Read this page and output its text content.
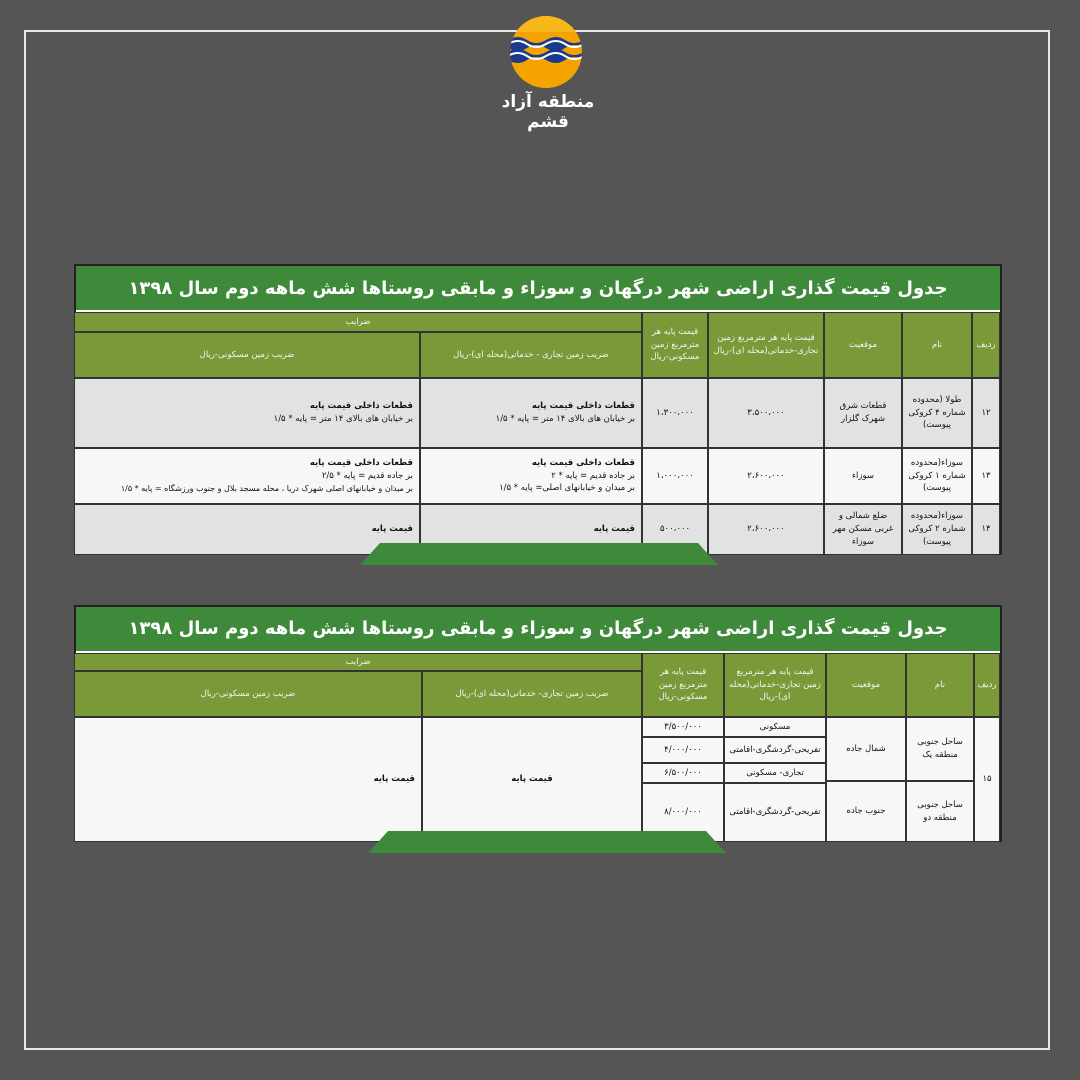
منطقه آزاد قشم
جدول قیمت گذاری اراضی شهر درگهان و سوزاء و مابقی روستاها شش ماهه دوم سال ۱۳۹۸
ردیف
نام
موقعیت
قیمت پایه هر مترمربع زمین تجاری-خدماتی(محله ای)-ریال
قیمت پایه هر مترمربع زمین مسکونی-ریال
ضرایب
ضریب زمین تجاری - خدماتی(محله ای)-ریال
ضریب زمین مسکونی-ریال
۱۲
طولا (محدوده شماره ۴ کروکی پیوست)
قطعات شرق شهرک گلزار
۳،۵۰۰،۰۰۰
۱،۳۰۰،۰۰۰
قطعات داخلی قیمت پایه
بر خیابان های بالای ۱۴ متر = پایه * ۱/۵
قطعات داخلی قیمت پایه
بر خیابان های بالای ۱۴ متر = پایه * ۱/۵
۱۳
سوزاء(محدوده شماره ۱ کروکی پیوست)
سوزاء
۲،۶۰۰،۰۰۰
۱،۰۰۰،۰۰۰
قطعات داخلی قیمت پایه
بر جاده قدیم = پایه * ۲
بر میدان و خیابانهای اصلی= پایه * ۱/۵
قطعات داخلی قیمت پایه
بر جاده قدیم = پایه * ۲/۵
بر میدان و خیابانهای اصلی شهرک دریا ، محله مسجد بلال و جنوب ورزشگاه = پایه * ۱/۵
۱۴
سوزاء(محدوده شماره ۲ کروکی پیوست)
ضلع شمالی و غربی مسکن مهر سوزاء
۲،۶۰۰،۰۰۰
۵۰۰،۰۰۰
قیمت پایه
قیمت پایه
جدول قیمت گذاری اراضی شهر درگهان و سوزاء و مابقی روستاها شش ماهه دوم سال ۱۳۹۸
ردیف
نام
موقعیت
قیمت پایه هر مترمربع زمین تجاری-خدماتی(محله ای)-ریال
قیمت پایه هر مترمربع زمین مسکونی-ریال
ضرایب
ضریب زمین تجاری- خدماتی(محله ای)-ریال
ضریب زمین مسکونی-ریال
۱۵
ساحل جنوبی منطقه یک
ساحل جنوبی منطقه دو
شمال جاده
جنوب جاده
مسکونی
تفریحی-گردشگری-اقامتی
تجاری- مسکونی
تفریحی-گردشگری-اقامتی
۳/۵۰۰/۰۰۰
۴/۰۰۰/۰۰۰
۶/۵۰۰/۰۰۰
۸/۰۰۰/۰۰۰
قیمت پایه
قیمت پایه
